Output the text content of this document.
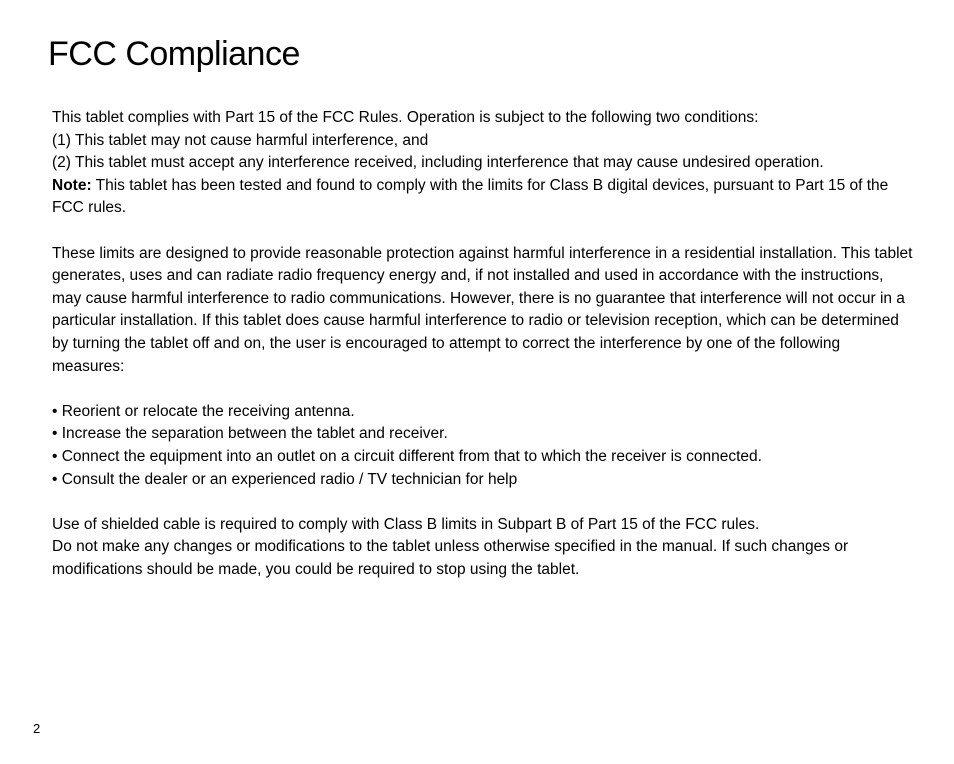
FCC Compliance

This tablet complies with Part 15 of the FCC Rules. Operation is subject to the following two conditions:

(1) This tablet may not cause harmful interference, and

(2) This tablet must accept any interference received, including interference that may cause undesired operation.

Note: This tablet has been tested and found to comply with the limits for Class B digital devices, pursuant to Part 15 of the FCC rules.

These limits are designed to provide reasonable protection against harmful interference in a residential installation. This tablet generates, uses and can radiate radio frequency energy and, if not installed and used in accordance with the instructions, may cause harmful interference to radio communications. However, there is no guarantee that interference will not occur in a particular installation. If this tablet does cause harmful interference to radio or television reception, which can be determined by turning the tablet off and on, the user is encouraged to attempt to correct the interference by one of the following measures:

• Reorient or relocate the receiving antenna.

• Increase the separation between the tablet and receiver.

• Connect the equipment into an outlet on a circuit different from that to which the receiver is connected.

• Consult the dealer or an experienced radio / TV technician for help

Use of shielded cable is required to comply with Class B limits in Subpart B of Part 15 of the FCC rules.

Do not make any changes or modifications to the tablet unless otherwise specified in the manual. If such changes or modifications should be made, you could be required to stop using the tablet.

2
